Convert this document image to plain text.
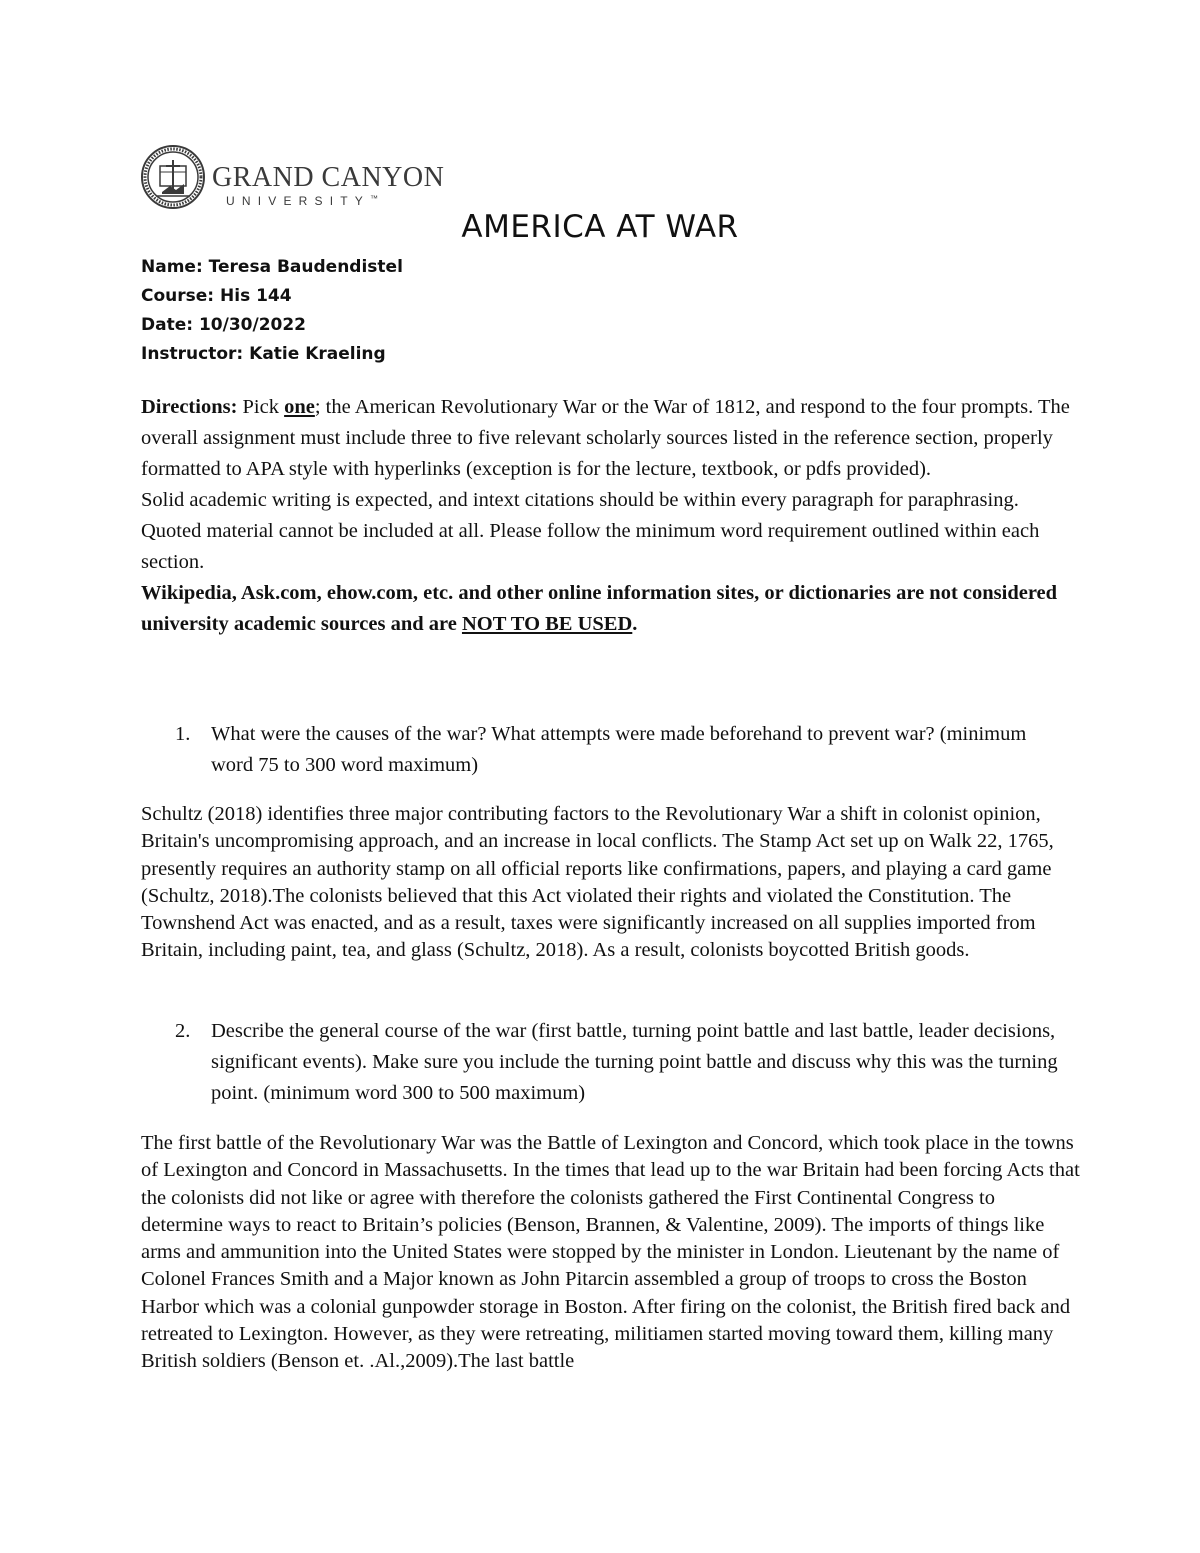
GRAND CANYON
UNIVERSITY™
AMERICA AT WAR
Name: Teresa Baudendistel
Course: His 144
Date: 10/30/2022
Instructor: Katie Kraeling

Directions: Pick one; the American Revolutionary War or the War of 1812, and respond to the four prompts. The overall assignment must include three to five relevant scholarly sources listed in the reference section, properly formatted to APA style with hyperlinks (exception is for the lecture, textbook, or pdfs provided).

Solid academic writing is expected, and intext citations should be within every paragraph for paraphrasing. Quoted material cannot be included at all. Please follow the minimum word requirement outlined within each section.

Wikipedia, Ask.com, ehow.com, etc. and other online information sites, or dictionaries are not considered university academic sources and are NOT TO BE USED.

1. What were the causes of the war? What attempts were made beforehand to prevent war? (minimum word 75 to 300 word maximum)

Schultz (2018) identifies three major contributing factors to the Revolutionary War a shift in colonist opinion, Britain's uncompromising approach, and an increase in local conflicts. The Stamp Act set up on Walk 22, 1765, presently requires an authority stamp on all official reports like confirmations, papers, and playing a card game (Schultz, 2018).The colonists believed that this Act violated their rights and violated the Constitution. The Townshend Act was enacted, and as a result, taxes were significantly increased on all supplies imported from Britain, including paint, tea, and glass (Schultz, 2018). As a result, colonists boycotted British goods.

2. Describe the general course of the war (first battle, turning point battle and last battle, leader decisions, significant events). Make sure you include the turning point battle and discuss why this was the turning point. (minimum word 300 to 500 maximum)

The first battle of the Revolutionary War was the Battle of Lexington and Concord, which took place in the towns of Lexington and Concord in Massachusetts. In the times that lead up to the war Britain had been forcing Acts that the colonists did not like or agree with therefore the colonists gathered the First Continental Congress to determine ways to react to Britain’s policies (Benson, Brannen, & Valentine, 2009). The imports of things like arms and ammunition into the United States were stopped by the minister in London. Lieutenant by the name of Colonel Frances Smith and a Major known as John Pitarcin assembled a group of troops to cross the Boston Harbor which was a colonial gunpowder storage in Boston. After firing on the colonist, the British fired back and retreated to Lexington. However, as they were retreating, militiamen started moving toward them, killing many British soldiers (Benson et. .Al.,2009).The last battle
